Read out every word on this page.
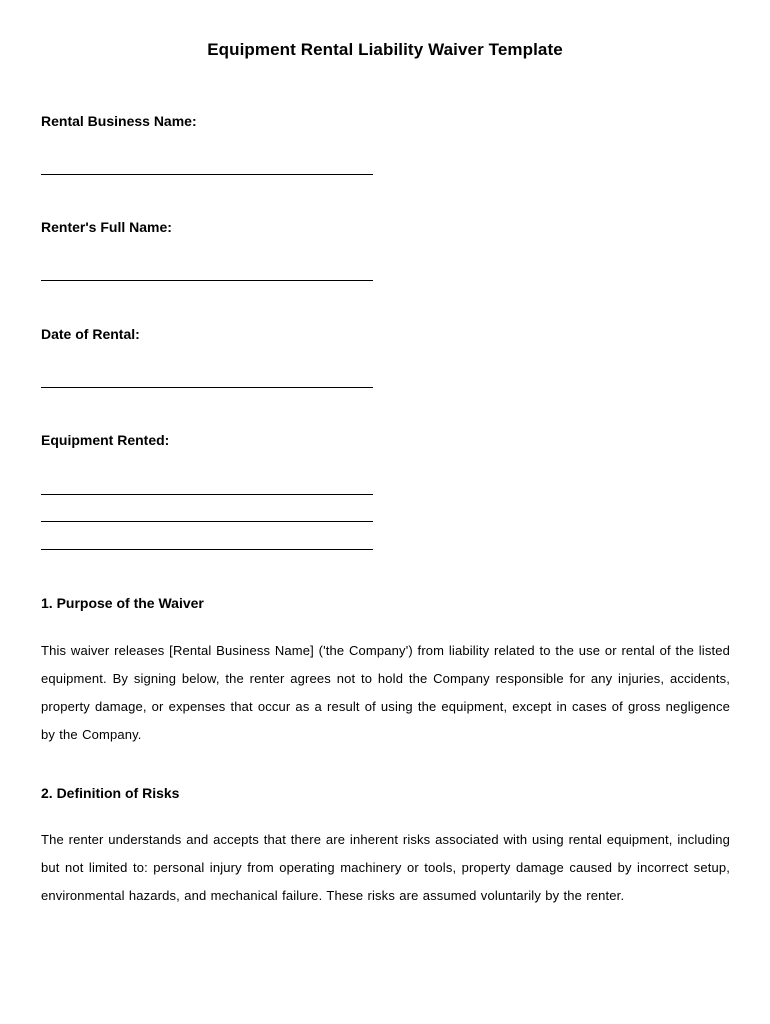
Equipment Rental Liability Waiver Template
Rental Business Name:
Renter's Full Name:
Date of Rental:
Equipment Rented:
1. Purpose of the Waiver
This waiver releases [Rental Business Name] ('the Company') from liability related to the use or rental of the listed equipment. By signing below, the renter agrees not to hold the Company responsible for any injuries, accidents, property damage, or expenses that occur as a result of using the equipment, except in cases of gross negligence by the Company.
2. Definition of Risks
The renter understands and accepts that there are inherent risks associated with using rental equipment, including but not limited to: personal injury from operating machinery or tools, property damage caused by incorrect setup, environmental hazards, and mechanical failure. These risks are assumed voluntarily by the renter.
